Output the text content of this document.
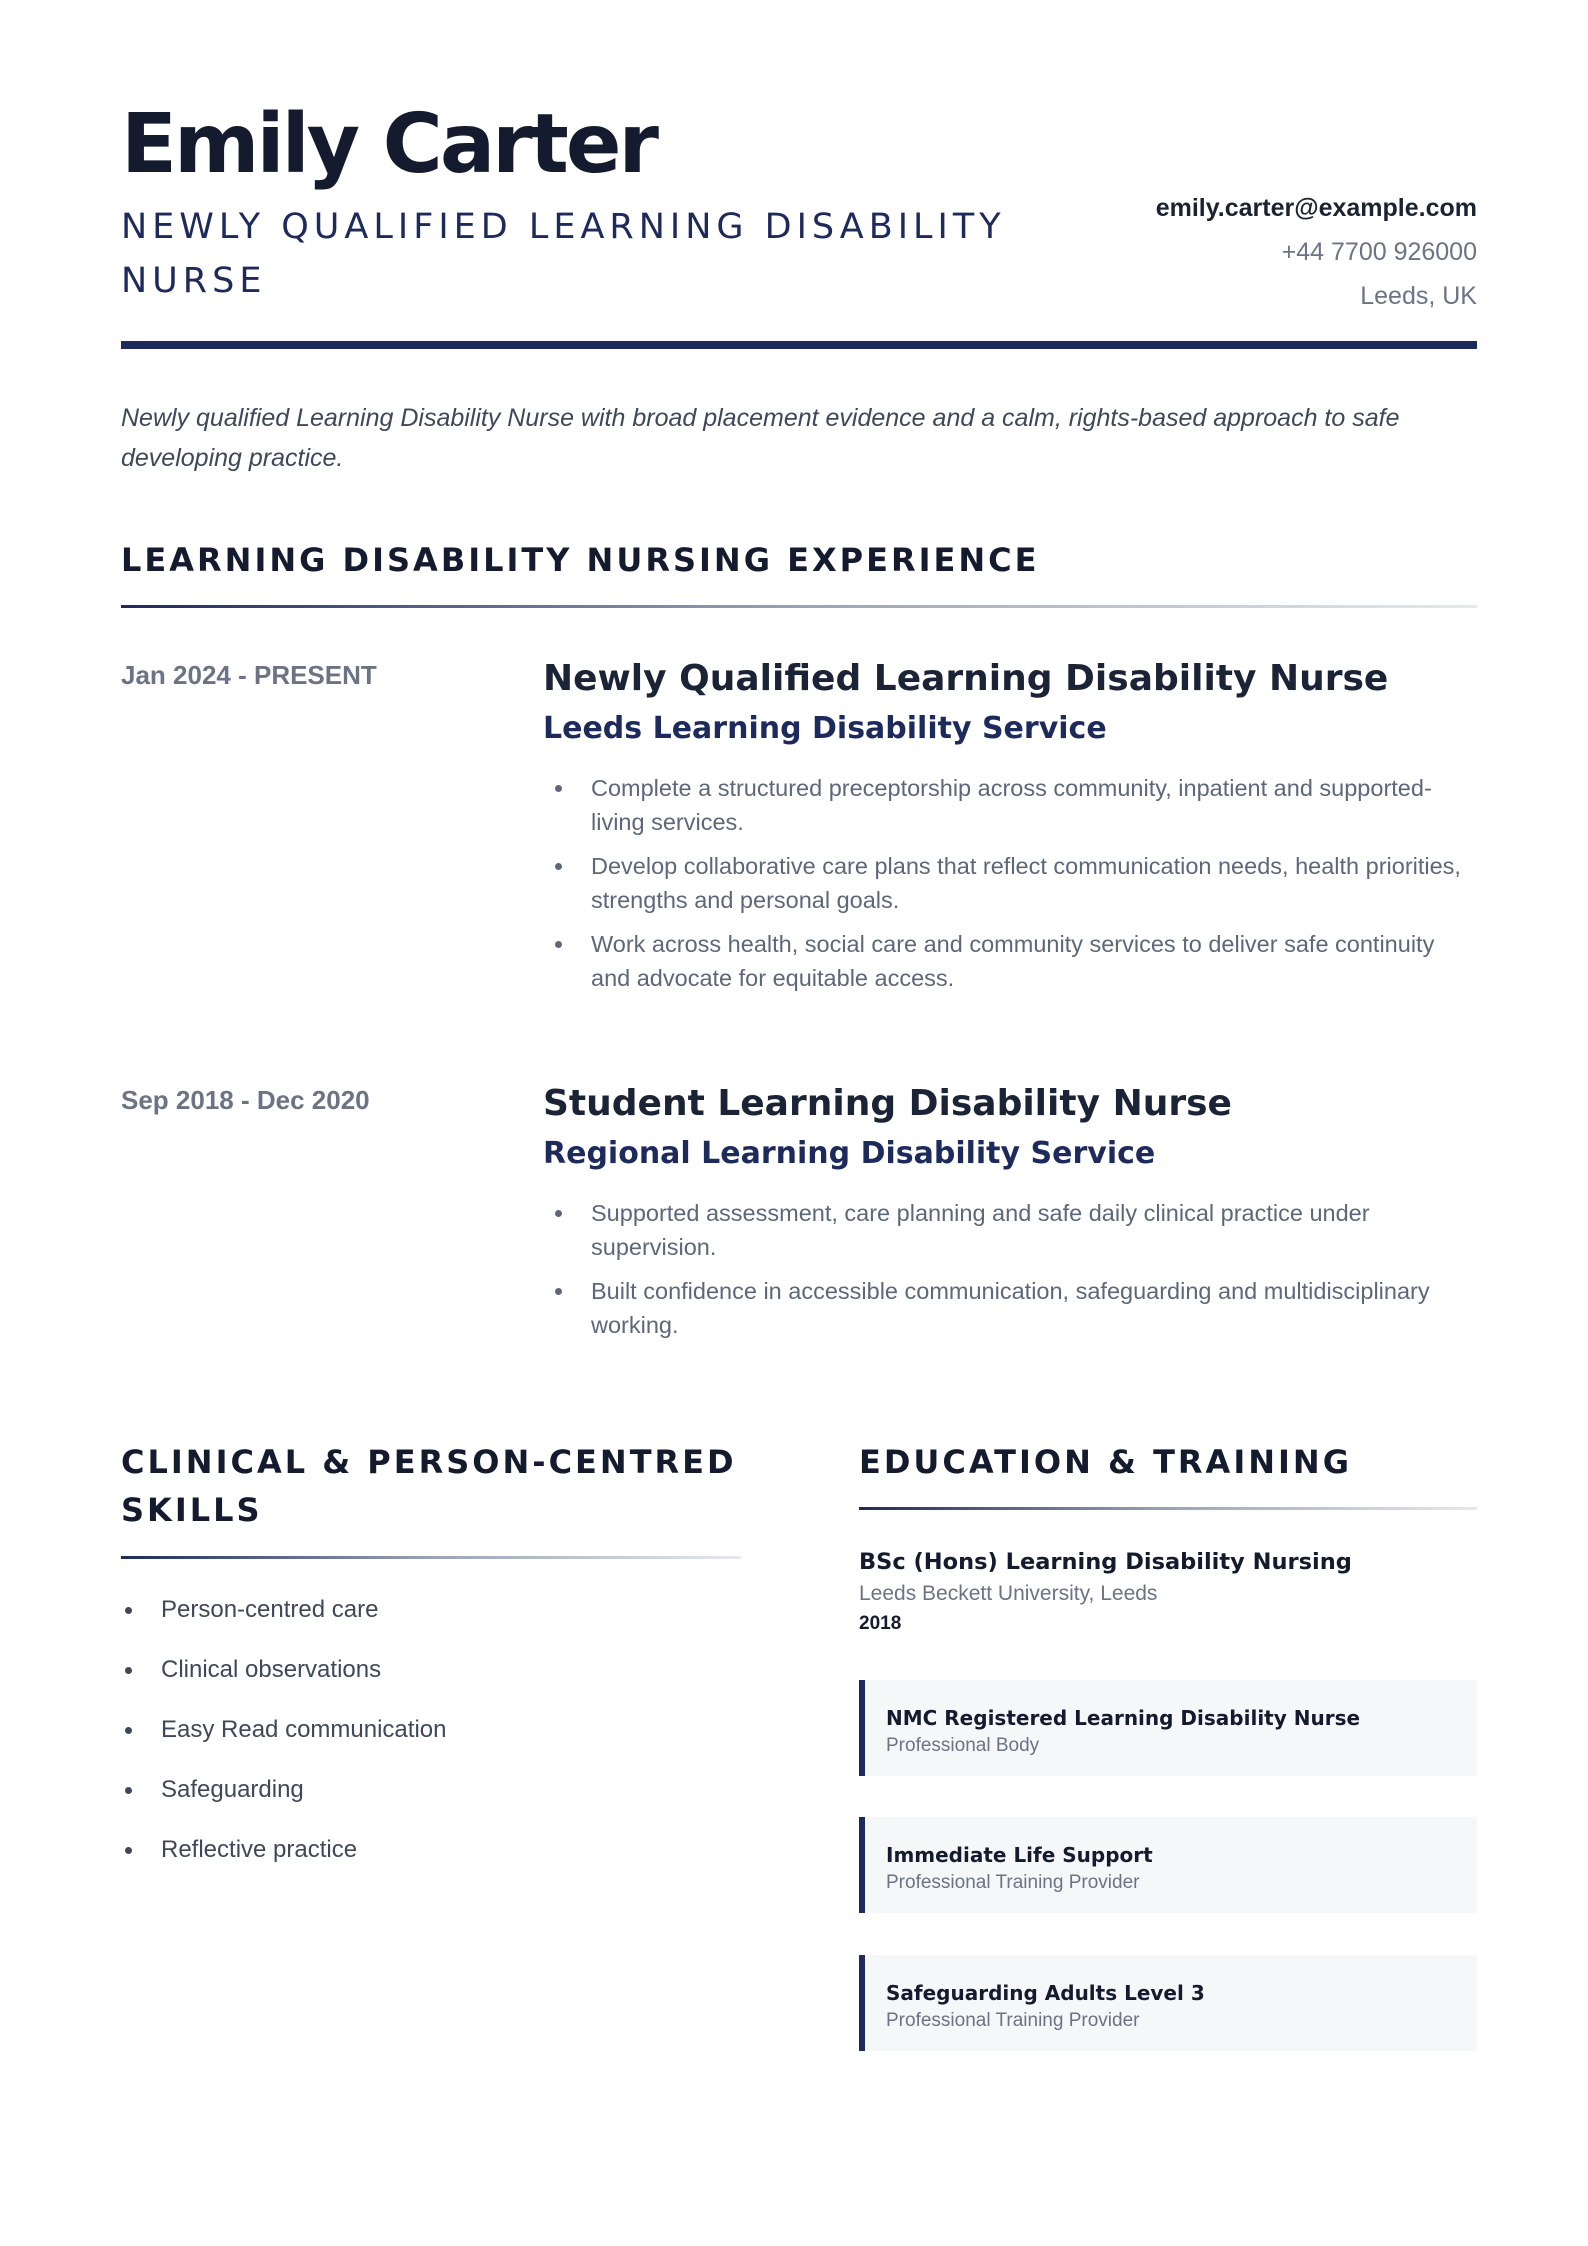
Emily Carter
NEWLY QUALIFIED LEARNING DISABILITY
NURSE
emily.carter@example.com
+44 7700 926000
Leeds, UK

Newly qualified Learning Disability Nurse with broad placement evidence and a calm, rights-based approach to safe developing practice.

LEARNING DISABILITY NURSING EXPERIENCE
Jan 2024 - PRESENT	Newly Qualified Learning Disability Nurse
Leeds Learning Disability Service
Complete a structured preceptorship across community, inpatient and supported-living services.
Develop collaborative care plans that reflect communication needs, health priorities, strengths and personal goals.
Work across health, social care and community services to deliver safe continuity and advocate for equitable access.
Sep 2018 - Dec 2020	Student Learning Disability Nurse
Regional Learning Disability Service
Supported assessment, care planning and safe daily clinical practice under supervision.
Built confidence in accessible communication, safeguarding and multidisciplinary working.
CLINICAL & PERSON-CENTRED
SKILLS
Person-centred care
Clinical observations
Easy Read communication
Safeguarding
Reflective practice
EDUCATION & TRAINING
BSc (Hons) Learning Disability Nursing
Leeds Beckett University, Leeds
2018
NMC Registered Learning Disability Nurse
Professional Body
Immediate Life Support
Professional Training Provider
Safeguarding Adults Level 3
Professional Training Provider
